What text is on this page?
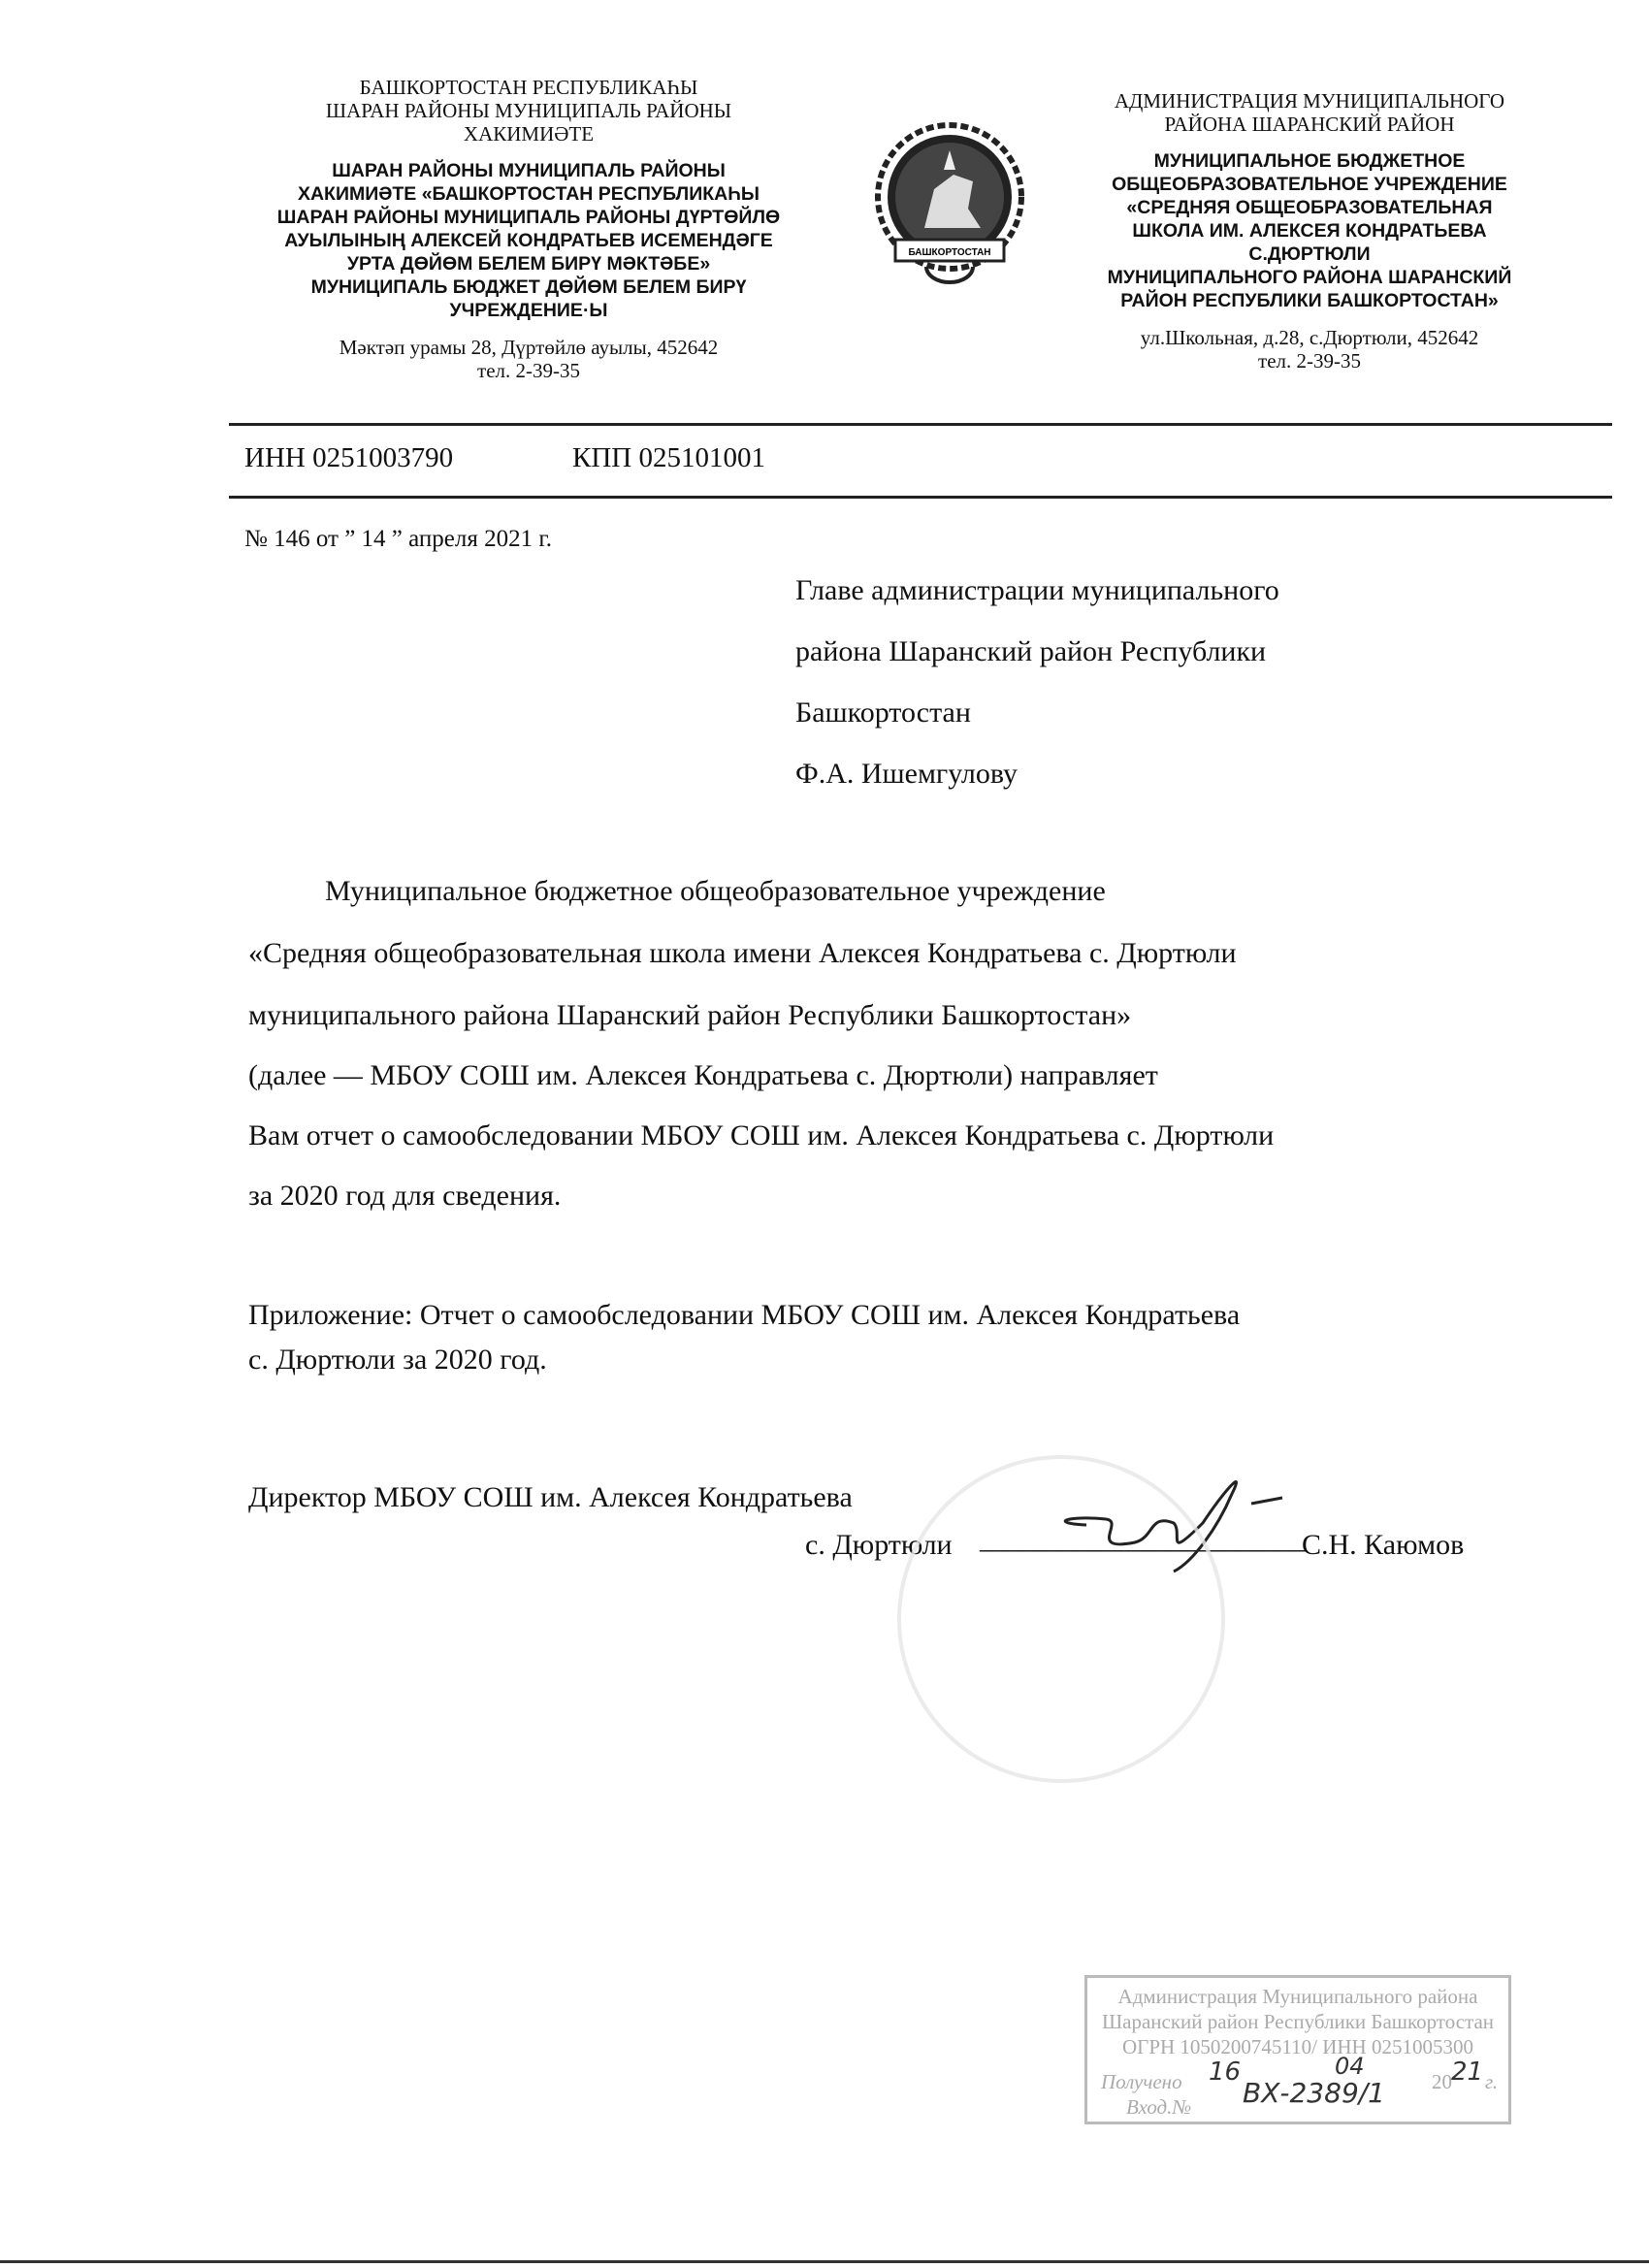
БАШКОРТОСТАН РЕСПУБЛИКАҺЫ
ШАРАН РАЙОНЫ МУНИЦИПАЛЬ РАЙОНЫ
ХАКИМИӘТЕ
ШАРАН РАЙОНЫ МУНИЦИПАЛЬ РАЙОНЫ
ХАКИМИӘТЕ «БАШКОРТОСТАН РЕСПУБЛИКАҺЫ
ШАРАН РАЙОНЫ МУНИЦИПАЛЬ РАЙОНЫ ДҮРТӨЙЛӨ
АУЫЛЫНЫҢ АЛЕКСЕЙ КОНДРАТЬЕВ ИСЕМЕНДӘГЕ
УРТА ДӨЙӨМ БЕЛЕМ БИРҮ МӘКТӘБЕ»
МУНИЦИПАЛЬ БЮДЖЕТ ДӨЙӨМ БЕЛЕМ БИРҮ
УЧРЕЖДЕНИЕ·Ы
Мәктәп урамы 28, Дүртөйлө ауылы, 452642
тел. 2-39-35
БАШКОРТОСТАН
АДМИНИСТРАЦИЯ МУНИЦИПАЛЬНОГО
РАЙОНА ШАРАНСКИЙ РАЙОН
МУНИЦИПАЛЬНОЕ БЮДЖЕТНОЕ
ОБЩЕОБРАЗОВАТЕЛЬНОЕ УЧРЕЖДЕНИЕ
«СРЕДНЯЯ ОБЩЕОБРАЗОВАТЕЛЬНАЯ
ШКОЛА ИМ. АЛЕКСЕЯ КОНДРАТЬЕВА
С.ДЮРТЮЛИ
МУНИЦИПАЛЬНОГО РАЙОНА ШАРАНСКИЙ
РАЙОН РЕСПУБЛИКИ БАШКОРТОСТАН»
ул.Школьная, д.28, с.Дюртюли, 452642
тел. 2-39-35
ИНН 0251003790	КПП 025101001
№ 146 от ” 14 ” апреля 2021 г.
Главе администрации муниципального
района Шаранский район Республики
Башкортостан
Ф.А. Ишемгулову
Муниципальное бюджетное общеобразовательное учреждение
«Средняя общеобразовательная школа имени Алексея Кондратьева с. Дюртюли
муниципального района Шаранский район Республики Башкортостан»
(далее — МБОУ СОШ им. Алексея Кондратьева с. Дюртюли) направляет
Вам отчет о самообследовании МБОУ СОШ им. Алексея Кондратьева с. Дюртюли
за 2020 год для сведения.
Приложение: Отчет о самообследовании МБОУ СОШ им. Алексея Кондратьева
с. Дюртюли за 2020 год.
Директор МБОУ СОШ им. Алексея Кондратьева
с. Дюртюли ________________________
С.Н. Каюмов
Администрация Муниципального района
Шаранский район Республики Башкортостан
ОГРН 1050200745110/ ИНН 0251005300
Получено 16	04
20 21 г.
Вход.№ ВХ-2389/1
